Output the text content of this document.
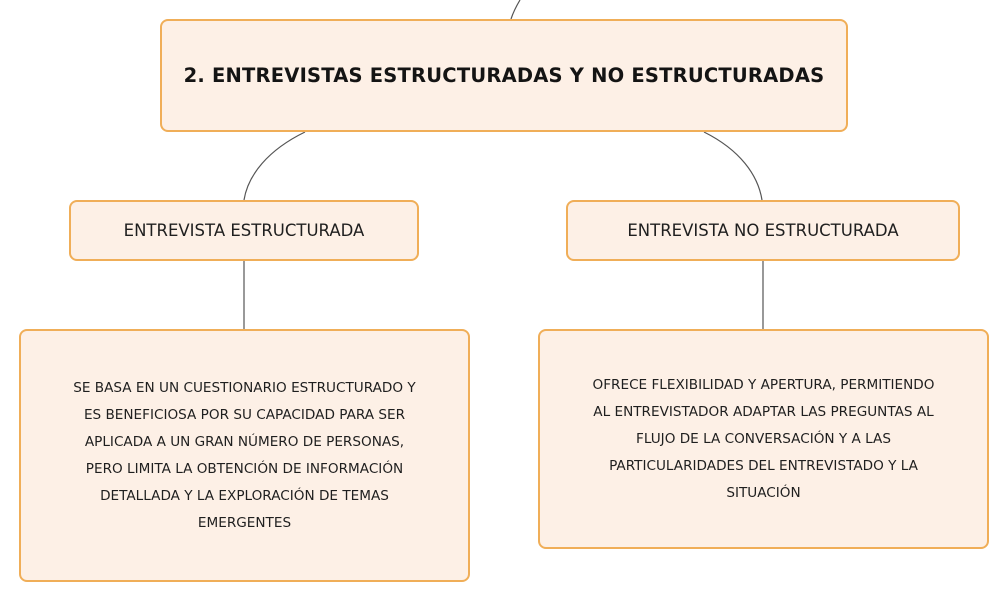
2. ENTREVISTAS ESTRUCTURADAS Y NO ESTRUCTURADAS
ENTREVISTA ESTRUCTURADA	ENTREVISTA NO ESTRUCTURADA
SE BASA EN UN CUESTIONARIO ESTRUCTURADO Y
ES BENEFICIOSA POR SU CAPACIDAD PARA SER
APLICADA A UN GRAN NÚMERO DE PERSONAS,
PERO LIMITA LA OBTENCIÓN DE INFORMACIÓN
DETALLADA Y LA EXPLORACIÓN DE TEMAS
EMERGENTES
OFRECE FLEXIBILIDAD Y APERTURA, PERMITIENDO
AL ENTREVISTADOR ADAPTAR LAS PREGUNTAS AL
FLUJO DE LA CONVERSACIÓN Y A LAS
PARTICULARIDADES DEL ENTREVISTADO Y LA
SITUACIÓN
